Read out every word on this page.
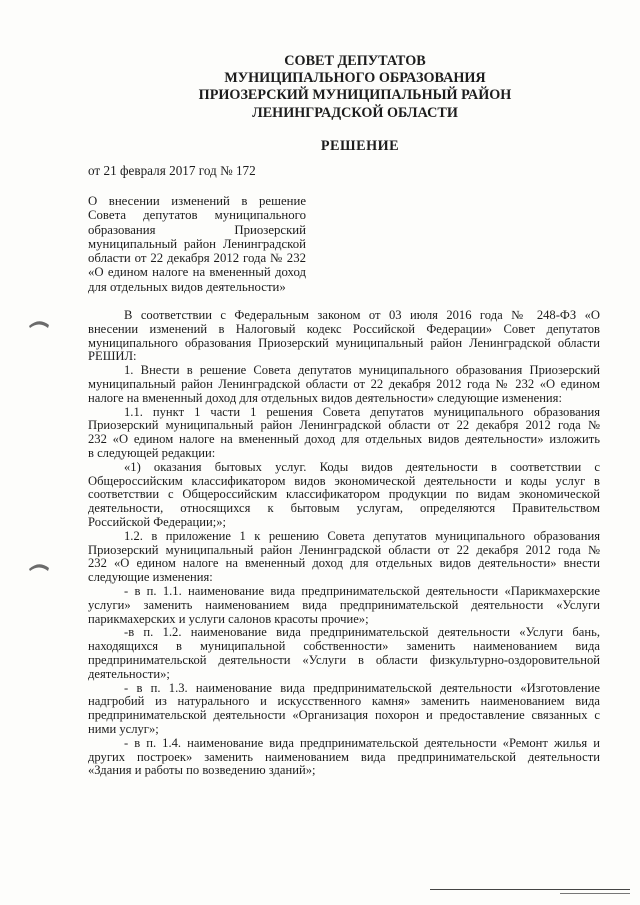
СОВЕТ ДЕПУТАТОВ
МУНИЦИПАЛЬНОГО ОБРАЗОВАНИЯ
ПРИОЗЕРСКИЙ МУНИЦИПАЛЬНЫЙ РАЙОН
ЛЕНИНГРАДСКОЙ ОБЛАСТИ
РЕШЕНИЕ
от 21 февраля 2017 год № 172
О внесении изменений в решение
Совета депутатов муниципального
образования Приозерский
муниципальный район Ленинградской
области от 22 декабря 2012 года № 232
«О едином налоге на вмененный доход
для отдельных видов деятельности»
В соответствии с Федеральным законом от 03 июля 2016 года № 248-ФЗ «О
внесении изменений в Налоговый кодекс Российской Федерации» Совет депутатов
муниципального образования Приозерский муниципальный район Ленинградской области
РЕШИЛ:
1. Внести в решение Совета депутатов муниципального образования Приозерский
муниципальный район Ленинградской области от 22 декабря 2012 года № 232 «О едином
налоге на вмененный доход для отдельных видов деятельности» следующие изменения:
1.1. пункт 1 части 1 решения Совета депутатов муниципального образования
Приозерский муниципальный район Ленинградской области от 22 декабря 2012 года №
232 «О едином налоге на вмененный доход для отдельных видов деятельности» изложить
в следующей редакции:
«1) оказания бытовых услуг. Коды видов деятельности в соответствии с
Общероссийским классификатором видов экономической деятельности и коды услуг в
соответствии с Общероссийским классификатором продукции по видам экономической
деятельности, относящихся к бытовым услугам, определяются Правительством
Российской Федерации;»;
1.2. в приложение 1 к решению Совета депутатов муниципального образования
Приозерский муниципальный район Ленинградской области от 22 декабря 2012 года №
232 «О едином налоге на вмененный доход для отдельных видов деятельности» внести
следующие изменения:
- в п. 1.1. наименование вида предпринимательской деятельности «Парикмахерские
услуги» заменить наименованием вида предпринимательской деятельности «Услуги
парикмахерских и услуги салонов красоты прочие»;
-в п. 1.2. наименование вида предпринимательской деятельности «Услуги бань,
находящихся в муниципальной собственности» заменить наименованием вида
предпринимательской деятельности «Услуги в области физкультурно-оздоровительной
деятельности»;
- в п. 1.3. наименование вида предпринимательской деятельности «Изготовление
надгробий из натурального и искусственного камня» заменить наименованием вида
предпринимательской деятельности «Организация похорон и предоставление связанных с
ними услуг»;
- в п. 1.4. наименование вида предпринимательской деятельности «Ремонт жилья и
других построек» заменить наименованием вида предпринимательской деятельности
«Здания и работы по возведению зданий»;
